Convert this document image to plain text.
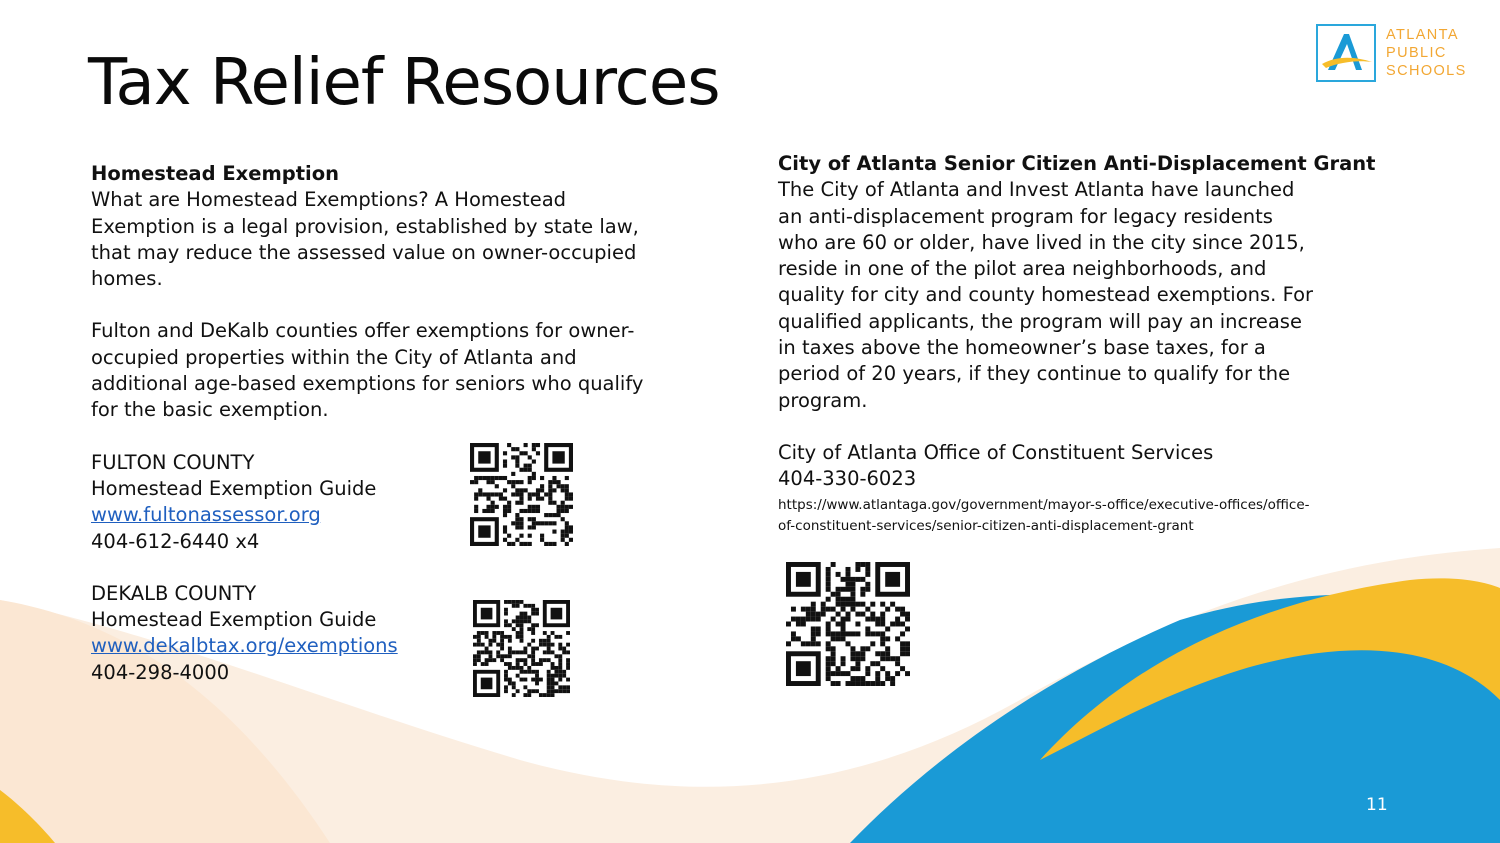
Tax Relief Resources
ATLANTA
PUBLIC
SCHOOLS
Homestead Exemption
What are Homestead Exemptions? A Homestead
Exemption is a legal provision, established by state law,
that may reduce the assessed value on owner-occupied
homes.
Fulton and DeKalb counties offer exemptions for owner-
occupied properties within the City of Atlanta and
additional age-based exemptions for seniors who qualify
for the basic exemption.
FULTON COUNTY
Homestead Exemption Guide
www.fultonassessor.org
404-612-6440 x4
DEKALB COUNTY
Homestead Exemption Guide
www.dekalbtax.org/exemptions
404-298-4000
City of Atlanta Senior Citizen Anti-Displacement Grant
The City of Atlanta and Invest Atlanta have launched
an anti-displacement program for legacy residents
who are 60 or older, have lived in the city since 2015,
reside in one of the pilot area neighborhoods, and
quality for city and county homestead exemptions. For
qualified applicants, the program will pay an increase
in taxes above the homeowner’s base taxes, for a
period of 20 years, if they continue to qualify for the
program.
City of Atlanta Office of Constituent Services
404-330-6023
https://www.atlantaga.gov/government/mayor-s-office/executive-offices/office-
of-constituent-services/senior-citizen-anti-displacement-grant
11
